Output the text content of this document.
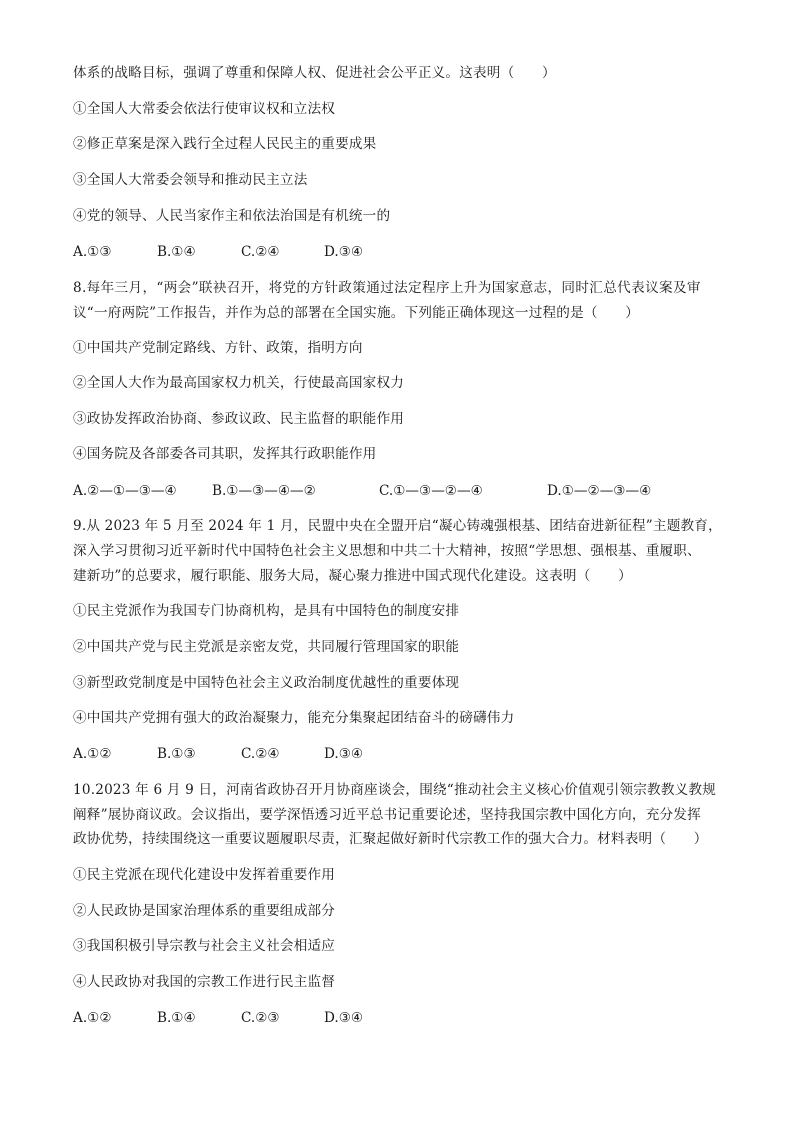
体系的战略目标，强调了尊重和保障人权、促进社会公平正义。这表明（　　）
①全国人大常委会依法行使审议权和立法权
②修正草案是深入践行全过程人民民主的重要成果
③全国人大常委会领导和推动民主立法
④党的领导、人民当家作主和依法治国是有机统一的
A.①③	B.①④	C.②④	D.③④
8.每年三月，“两会”联袂召开，将党的方针政策通过法定程序上升为国家意志，同时汇总代表议案及审
议“一府两院”工作报告，并作为总的部署在全国实施。下列能正确体现这一过程的是（　　）
①中国共产党制定路线、方针、政策，指明方向
②全国人大作为最高国家权力机关，行使最高国家权力
③政协发挥政治协商、参政议政、民主监督的职能作用
④国务院及各部委各司其职，发挥其行政职能作用
A.②—①—③—④	B.①—③—④—②	C.①—③—②—④	D.①—②—③—④
9.从 2023 年 5 月至 2024 年 1 月，民盟中央在全盟开启“凝心铸魂强根基、团结奋进新征程”主题教育，
深入学习贯彻习近平新时代中国特色社会主义思想和中共二十大精神，按照“学思想、强根基、重履职、
建新功”的总要求，履行职能、服务大局，凝心聚力推进中国式现代化建设。这表明（　　）
①民主党派作为我国专门协商机构，是具有中国特色的制度安排
②中国共产党与民主党派是亲密友党，共同履行管理国家的职能
③新型政党制度是中国特色社会主义政治制度优越性的重要体现
④中国共产党拥有强大的政治凝聚力，能充分集聚起团结奋斗的磅礴伟力
A.①②	B.①③	C.②④	D.③④
10.2023 年 6 月 9 日，河南省政协召开月协商座谈会，围绕“推动社会主义核心价值观引领宗教教义教规
阐释”展协商议政。会议指出，要学深悟透习近平总书记重要论述，坚持我国宗教中国化方向，充分发挥
政协优势，持续围绕这一重要议题履职尽责，汇聚起做好新时代宗教工作的强大合力。材料表明（　　）
①民主党派在现代化建设中发挥着重要作用
②人民政协是国家治理体系的重要组成部分
③我国积极引导宗教与社会主义社会相适应
④人民政协对我国的宗教工作进行民主监督
A.①②	B.①④	C.②③	D.③④
